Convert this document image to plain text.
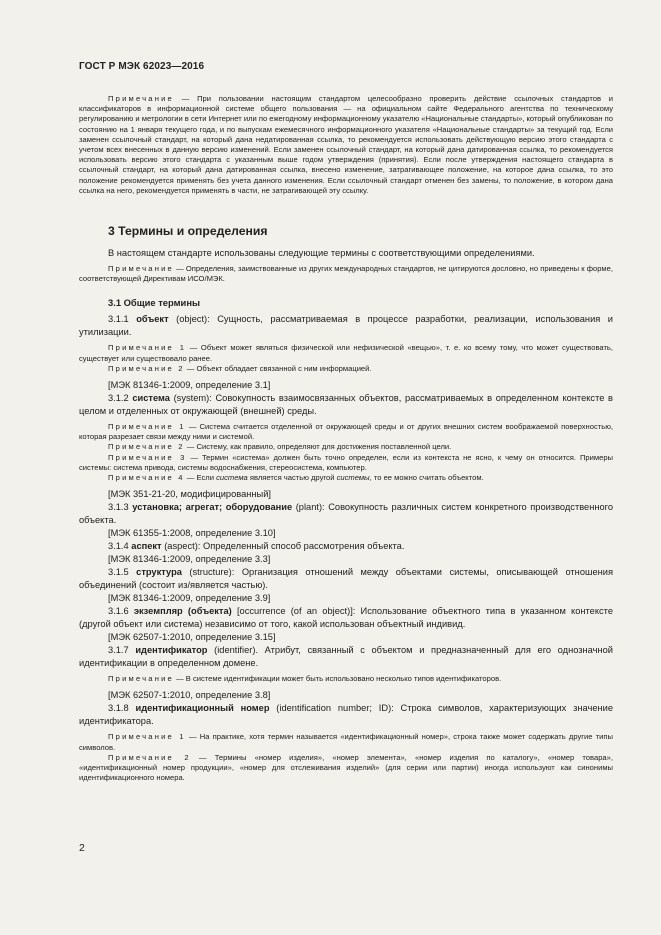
ГОСТ Р МЭК 62023—2016

Примечание — При пользовании настоящим стандартом целесообразно проверить действие ссылочных стандартов и классификаторов в информационной системе общего пользования — на официальном сайте Федерального агентства по техническому регулированию и метрологии в сети Интернет или по ежегодному информационному указателю «Национальные стандарты», который опубликован по состоянию на 1 января текущего года, и по выпускам ежемесячного информационного указателя «Национальные стандарты» за текущий год. Если заменен ссылочный стандарт, на который дана недатированная ссылка, то рекомендуется использовать действующую версию этого стандарта с учетом всех внесенных в данную версию изменений. Если заменен ссылочный стандарт, на который дана датированная ссылка, то рекомендуется использовать версию этого стандарта с указанным выше годом утверждения (принятия). Если после утверждения настоящего стандарта в ссылочный стандарт, на который дана датированная ссылка, внесено изменение, затрагивающее положение, на которое дана ссылка, то это положение рекомендуется применять без учета данного изменения. Если ссылочный стандарт отменен без замены, то положение, в котором дана ссылка на него, рекомендуется применять в части, не затрагивающей эту ссылку.

3 Термины и определения

В настоящем стандарте использованы следующие термины с соответствующими определениями.

Примечание — Определения, заимствованные из других международных стандартов, не цитируются дословно, но приведены к форме, соответствующей Директивам ИСО/МЭК.

3.1 Общие термины

3.1.1 объект (object): Сущность, рассматриваемая в процессе разработки, реализации, использования и утилизации.

Примечание 1 — Объект может являться физической или нефизической «вещью», т. е. ко всему тому, что может существовать, существует или существовало ранее.

Примечание 2 — Объект обладает связанной с ним информацией.

[МЭК 81346-1:2009, определение 3.1]

3.1.2 система (system): Совокупность взаимосвязанных объектов, рассматриваемых в определенном контексте в целом и отделенных от окружающей (внешней) среды.

Примечание 1 — Система считается отделенной от окружающей среды и от других внешних систем воображаемой поверхностью, которая разрезает связи между ними и системой.

Примечание 2 — Систему, как правило, определяют для достижения поставленной цели.

Примечание 3 — Термин «система» должен быть точно определен, если из контекста не ясно, к чему он относится. Примеры системы: система привода, системы водоснабжения, стереосистема, компьютер.

Примечание 4 — Если система является частью другой системы, то ее можно считать объектом.

[МЭК 351-21-20, модифицированный]

3.1.3 установка; агрегат; оборудование (plant): Совокупность различных систем конкретного производственного объекта.

[МЭК 61355-1:2008, определение 3.10]

3.1.4 аспект (aspect): Определенный способ рассмотрения объекта.

[МЭК 81346-1:2009, определение 3.3]

3.1.5 структура (structure): Организация отношений между объектами системы, описывающей отношения объединений (состоит из/является частью).

[МЭК 81346-1:2009, определение 3.9]

3.1.6 экземпляр (объекта) [occurrence (of an object)]: Использование объектного типа в указанном контексте (другой объект или система) независимо от того, какой использован объектный индивид.

[МЭК 62507-1:2010, определение 3.15]

3.1.7 идентификатор (identifier). Атрибут, связанный с объектом и предназначенный для его однозначной идентификации в определенном домене.

Примечание — В системе идентификации может быть использовано несколько типов идентификаторов.

[МЭК 62507-1:2010, определение 3.8]

3.1.8 идентификационный номер (identification number; ID): Строка символов, характеризующих значение идентификатора.

Примечание 1 — На практике, хотя термин называется «идентификационный номер», строка также может содержать другие типы символов.

Примечание 2 — Термины «номер изделия», «номер элемента», «номер изделия по каталогу», «номер товара», «идентификационный номер продукции», «номер для отслеживания изделий» (для серии или партии) иногда используют как синонимы идентификационного номера.

2
